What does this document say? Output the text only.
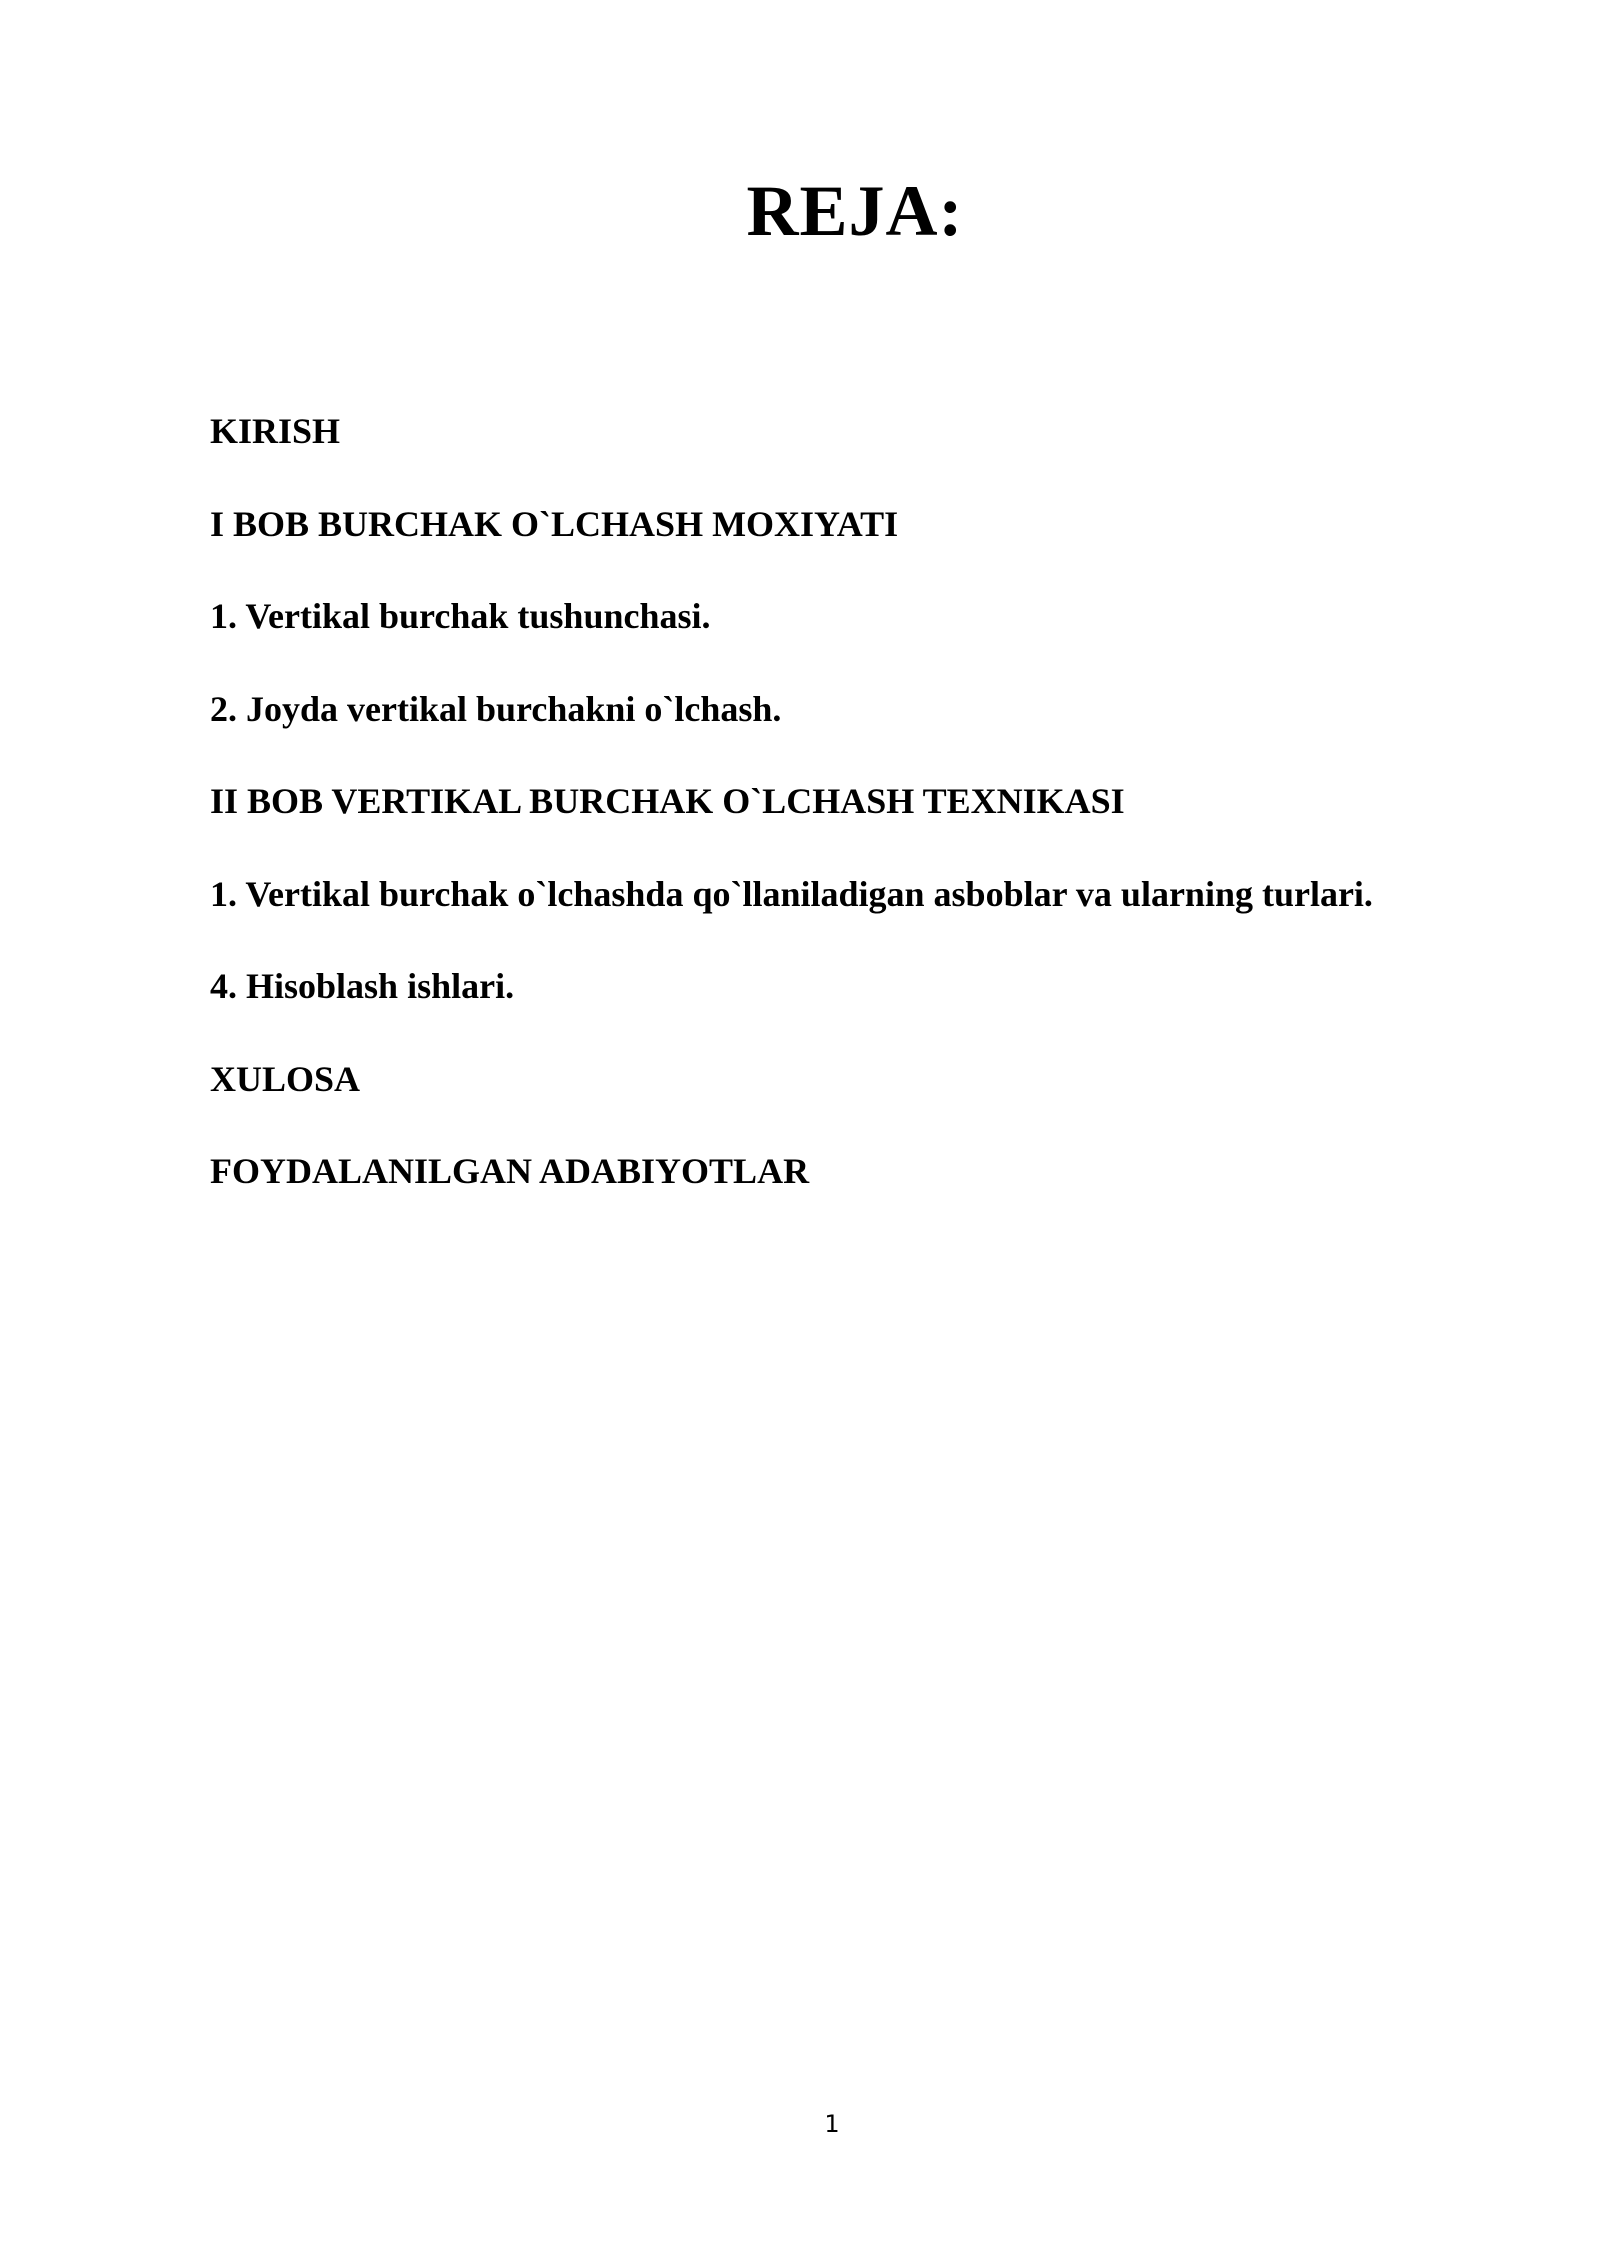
REJA:
KIRISH
I BOB BURCHAK O`LCHASH MOXIYATI
1. Vertikal burchak tushunchasi.
2. Joyda vertikal burchakni o`lchash.
II BOB VERTIKAL BURCHAK O`LCHASH TEXNIKASI
1. Vertikal burchak o`lchashda qo`llaniladigan asboblar va ularning turlari.
4. Hisoblash ishlari.
XULOSA
FOYDALANILGAN ADABIYOTLAR
1
